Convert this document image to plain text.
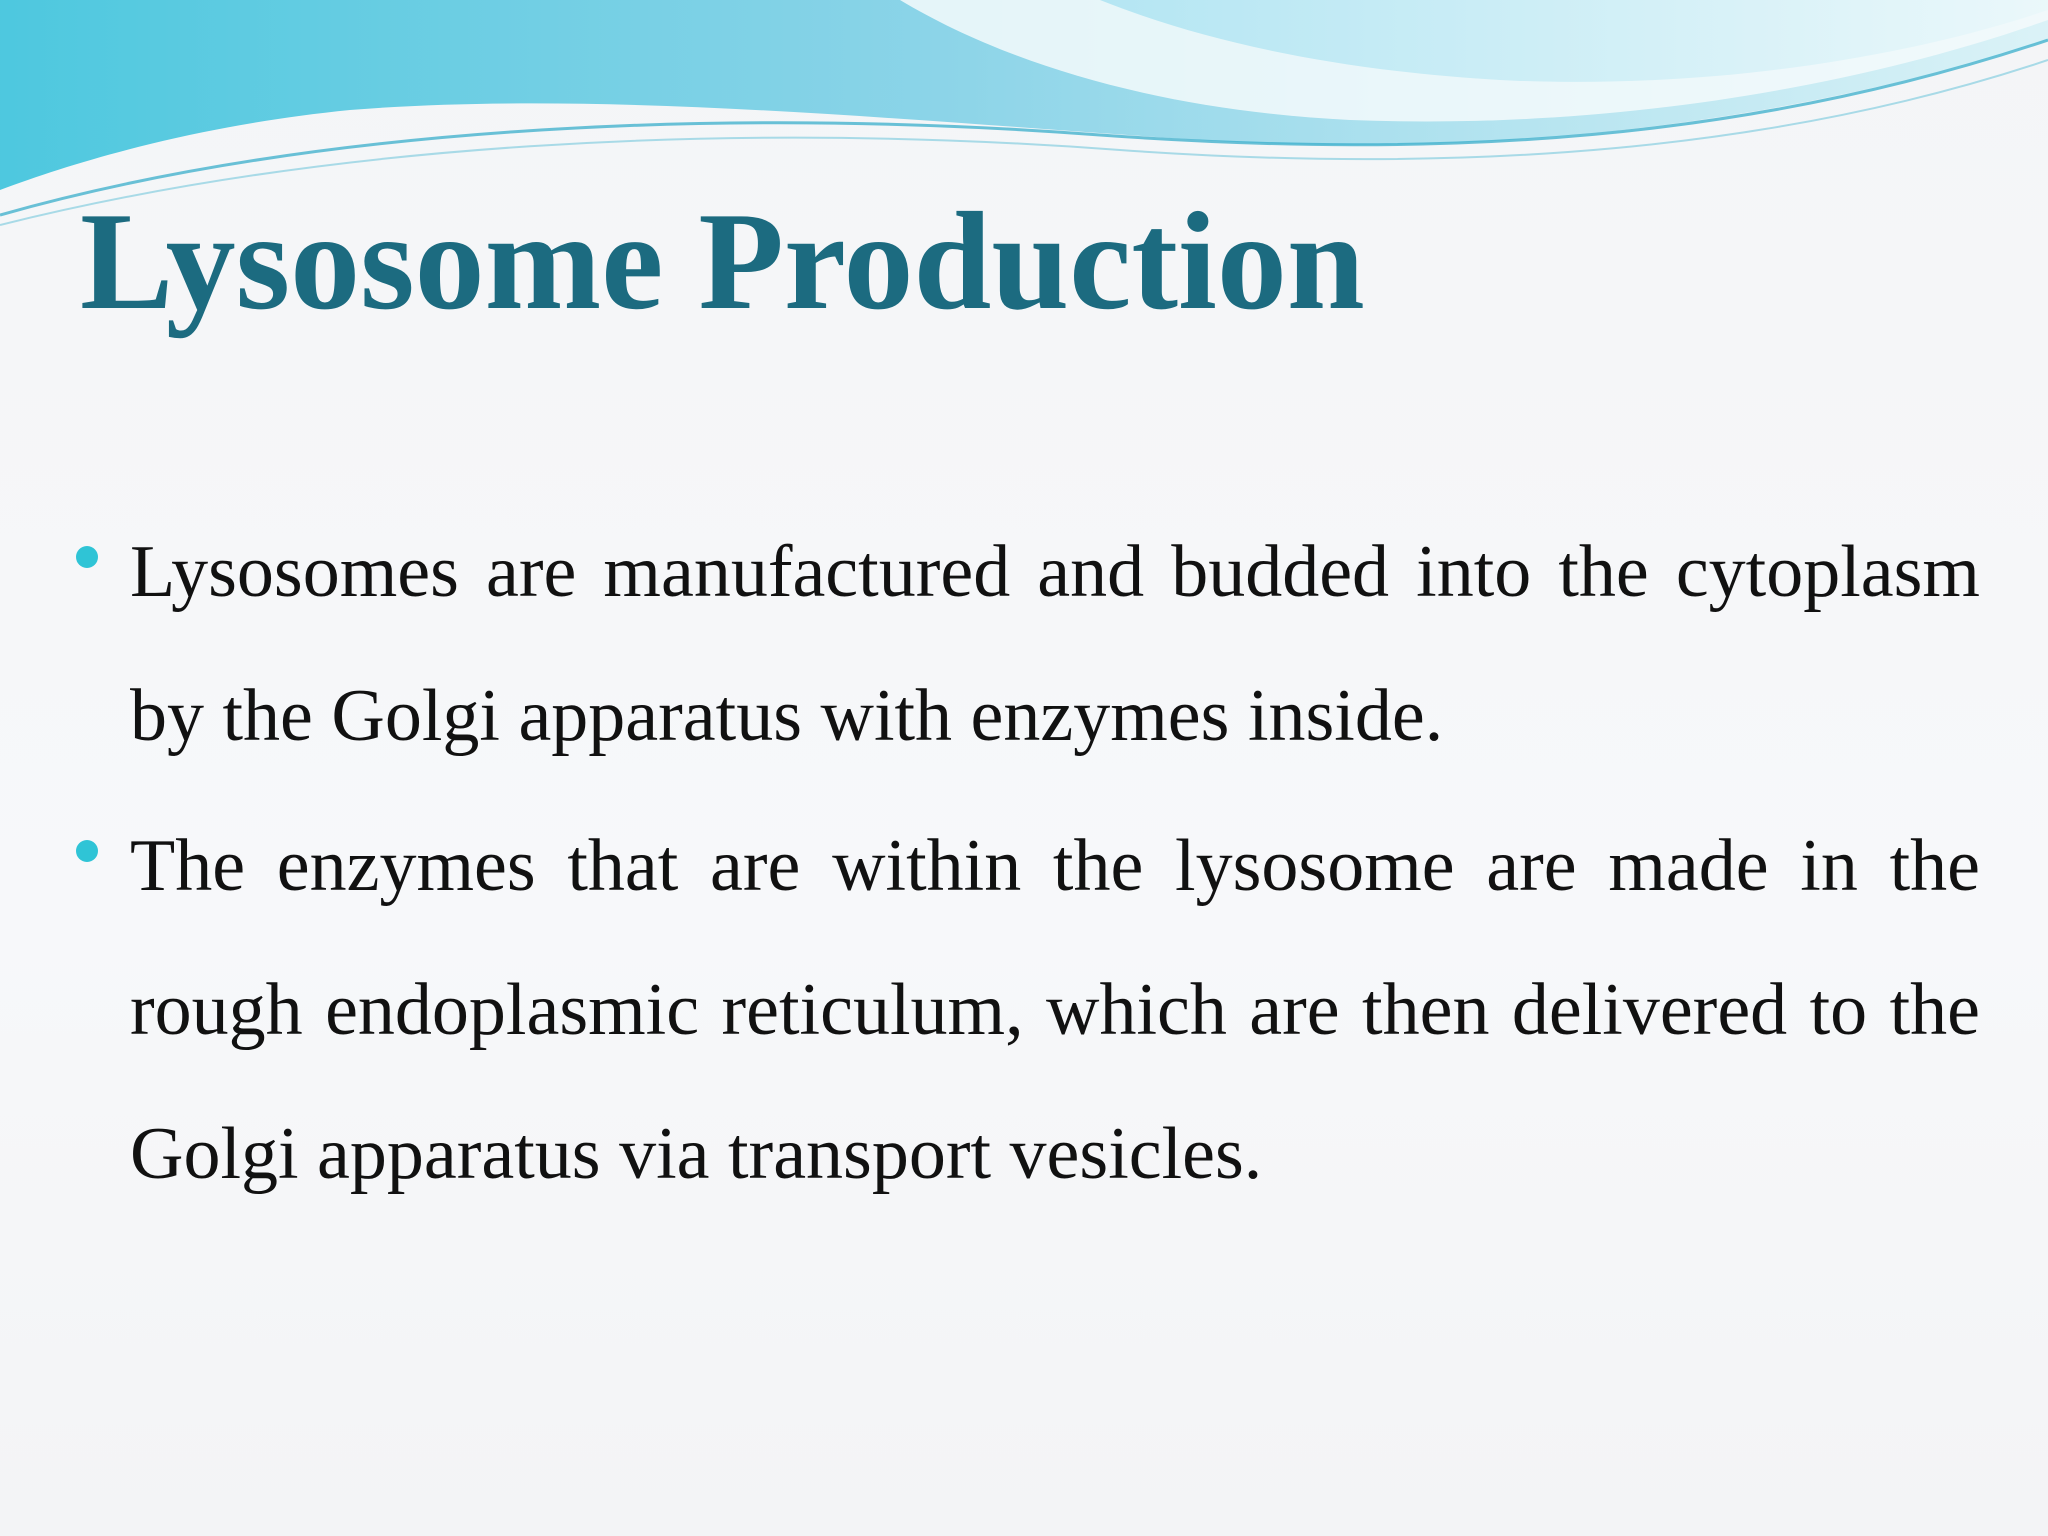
Lysosome Production
Lysosomes are manufactured and budded into the cytoplasm by the Golgi apparatus with enzymes inside.
The enzymes that are within the lysosome are made in the rough endoplasmic reticulum, which are then delivered to the Golgi apparatus via transport vesicles.
